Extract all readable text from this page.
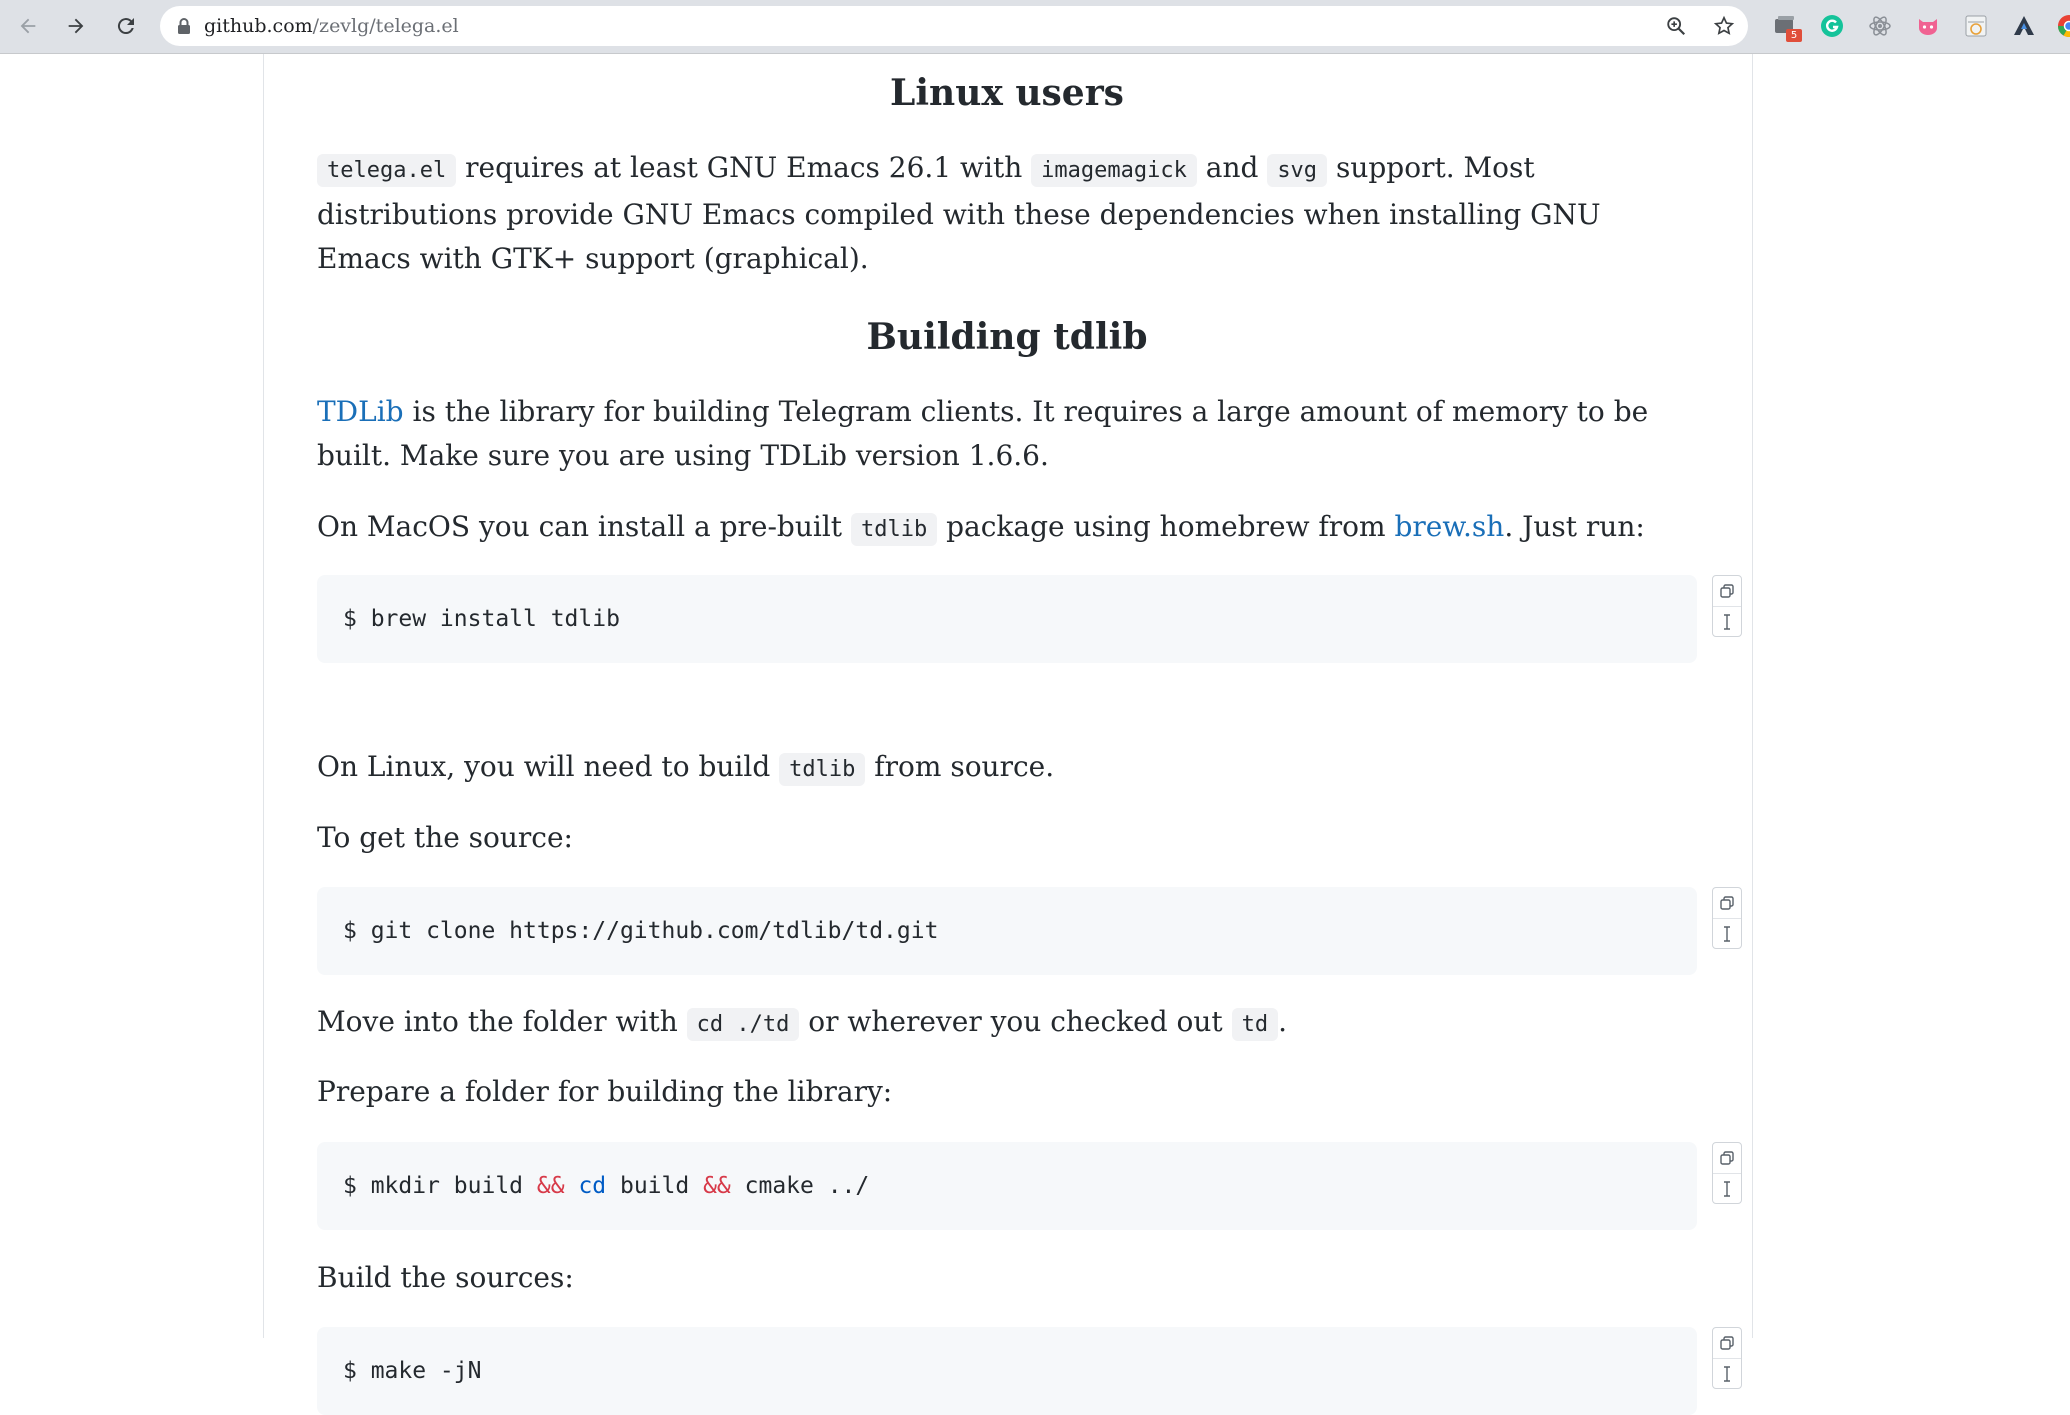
github.com/zevlg/telega.el	5
Linux users

telega.el requires at least GNU Emacs 26.1 with imagemagick and svg support. Most distributions provide GNU Emacs compiled with these dependencies when installing GNU Emacs with GTK+ support (graphical).

Building tdlib

TDLib is the library for building Telegram clients. It requires a large amount of memory to be built. Make sure you are using TDLib version 1.6.6.

On MacOS you can install a pre-built tdlib package using homebrew from brew.sh. Just run:

$ brew install tdlib

On Linux, you will need to build tdlib from source.

To get the source:

$ git clone https://github.com/tdlib/td.git

Move into the folder with cd ./td or wherever you checked out td .

Prepare a folder for building the library:

$ mkdir build && cd build && cmake ../

Build the sources:

$ make -jN
